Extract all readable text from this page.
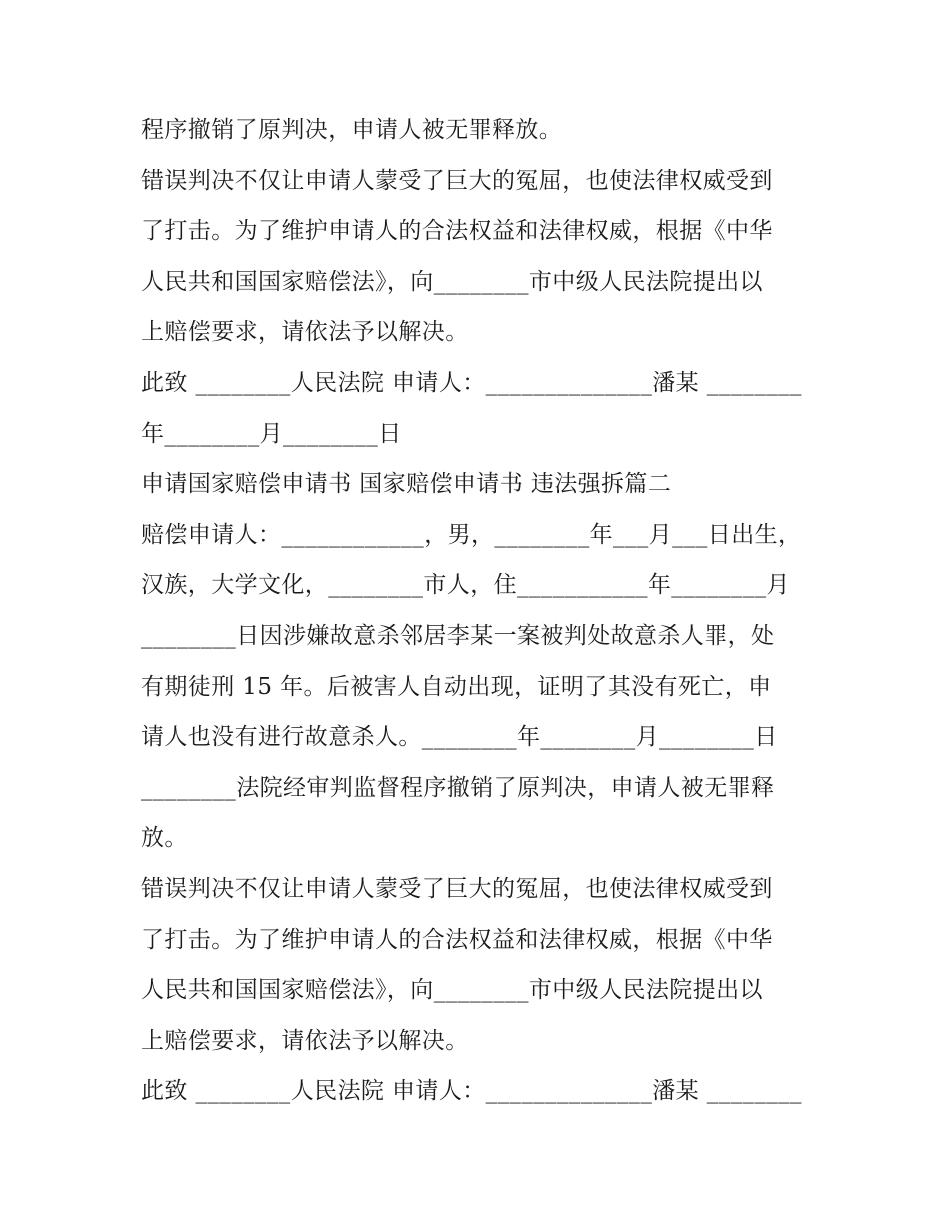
程序撤销了原判决，申请人被无罪释放。
错误判决不仅让申请人蒙受了巨大的冤屈，也使法律权威受到
了打击。为了维护申请人的合法权益和法律权威，根据《中华
人民共和国国家赔偿法》，向________市中级人民法院提出以
上赔偿要求，请依法予以解决。
此致 ________人民法院 申请人：______________潘某 ________
年________月________日
申请国家赔偿申请书 国家赔偿申请书 违法强拆篇二
赔偿申请人：____________，男，________年___月___日出生，
汉族，大学文化，________市人，住___________年________月
________日因涉嫌故意杀邻居李某一案被判处故意杀人罪，处
有期徒刑 15 年。后被害人自动出现，证明了其没有死亡，申
请人也没有进行故意杀人。________年________月________日
________法院经审判监督程序撤销了原判决，申请人被无罪释
放。
错误判决不仅让申请人蒙受了巨大的冤屈，也使法律权威受到
了打击。为了维护申请人的合法权益和法律权威，根据《中华
人民共和国国家赔偿法》，向________市中级人民法院提出以
上赔偿要求，请依法予以解决。
此致 ________人民法院 申请人：______________潘某 ________
